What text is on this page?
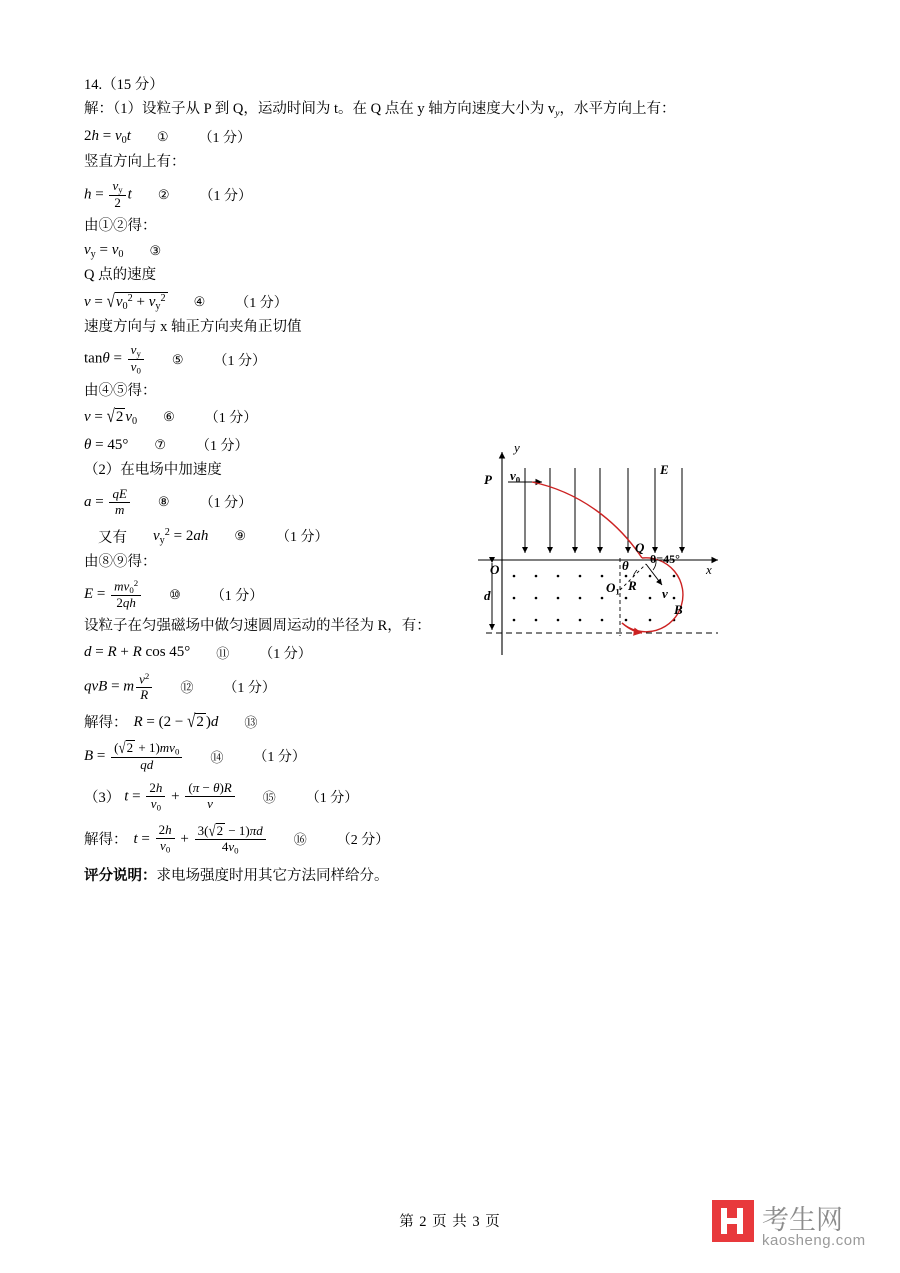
14.（15 分）
解：（1）设粒子从 P 到 Q，运动时间为 t。在 Q 点在 y 轴方向速度大小为 $v_y$，水平方向上有：
$2h = v_0t$ ① （1 分）
竖直方向上有：
$h = \frac{v_y}{2}$ t ② （1 分）
由①②得：
$v_y = v_0$ ③
Q 点的速度
$v = √v_0^2 + v_y^2$ ④ （1 分）
速度方向与 x 轴正方向夹角正切值
$\tan\theta = \frac{v_y}{v_0}$ ⑤ （1 分）
由④⑤得：
v = √2 $v_0$ ⑥ （1 分）
θ = 45° ⑦ （1 分）
（2）在电场中加速度
$a = \frac{qE}{m}$ ⑧ （1 分）
又有 $v_y^2 = 2ah$ ⑨ （1 分）
由⑧⑨得：
$E = \frac{mv_0^2}{2qh}$ ⑩ （1 分）
设粒子在匀强磁场中做匀速圆周运动的半径为 R，有：
d = R + R cos 45° ⑪ （1 分）
qvB = m $\frac{v^2}{R}$ ⑫ （1 分）
解得： R = (2 − √2 )d ⑬
$B = \frac{(√2 + 1)mv_0}{qd}$ ⑭ （1 分）
（3） $t = \frac{2h}{v_0} + \frac{(\pi - \theta)R}{v}$ ⑮ （1 分）
解得： $t = \frac{2h}{v_0} + \frac{3(√2 - 1)\pi d}{4v_0}$ ⑯ （2 分）
评分说明：求电场强度时用其它方法同样给分。
y
x
P $v_0$
E
Q
O
$O_1$ R
v
B
d
θ θ=45°
第 2 页 共 3 页	考生网
kaosheng.com
